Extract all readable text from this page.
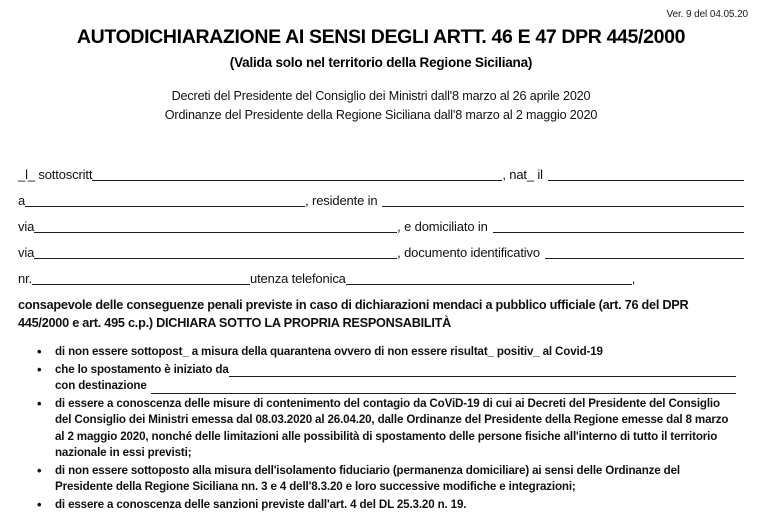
Ver. 9 del 04.05.20
AUTODICHIARAZIONE AI SENSI DEGLI ARTT. 46 E 47 DPR 445/2000
(Valida solo nel territorio della Regione Siciliana)
Decreti del Presidente del Consiglio dei Ministri dall'8 marzo al 26 aprile 2020
Ordinanze del Presidente della Regione Siciliana dall'8 marzo al 2 maggio 2020
_l_ sottoscritt	, nat_ il
a	, residente in
via	, e domiciliato in
via	, documento identificativo
nr.	utenza telefonica	,
consapevole delle conseguenze penali previste in caso di dichiarazioni mendaci a pubblico ufficiale (art. 76 del DPR 445/2000 e art. 495 c.p.) DICHIARA SOTTO LA PROPRIA RESPONSABILITÀ
•	di non essere sottopost_ a misura della quarantena ovvero di non essere risultat_ positiv_ al Covid-19
•	che lo spostamento è iniziato da
con destinazione
•	di essere a conoscenza delle misure di contenimento del contagio da CoViD-19 di cui ai Decreti del Presidente del Consiglio del Consiglio dei Ministri emessa dal 08.03.2020 al 26.04.20, dalle Ordinanze del Presidente della Regione emesse dal 8 marzo al 2 maggio 2020, nonché delle limitazioni alle possibilità di spostamento delle persone fisiche all'interno di tutto il territorio nazionale in essi previsti;
•	di non essere sottoposto alla misura dell'isolamento fiduciario (permanenza domiciliare) ai sensi delle Ordinanze del Presidente della Regione Siciliana nn. 3 e 4 dell'8.3.20 e loro successive modifiche e integrazioni;
•	di essere a conoscenza delle sanzioni previste dall'art. 4 del DL 25.3.20 n. 19.
